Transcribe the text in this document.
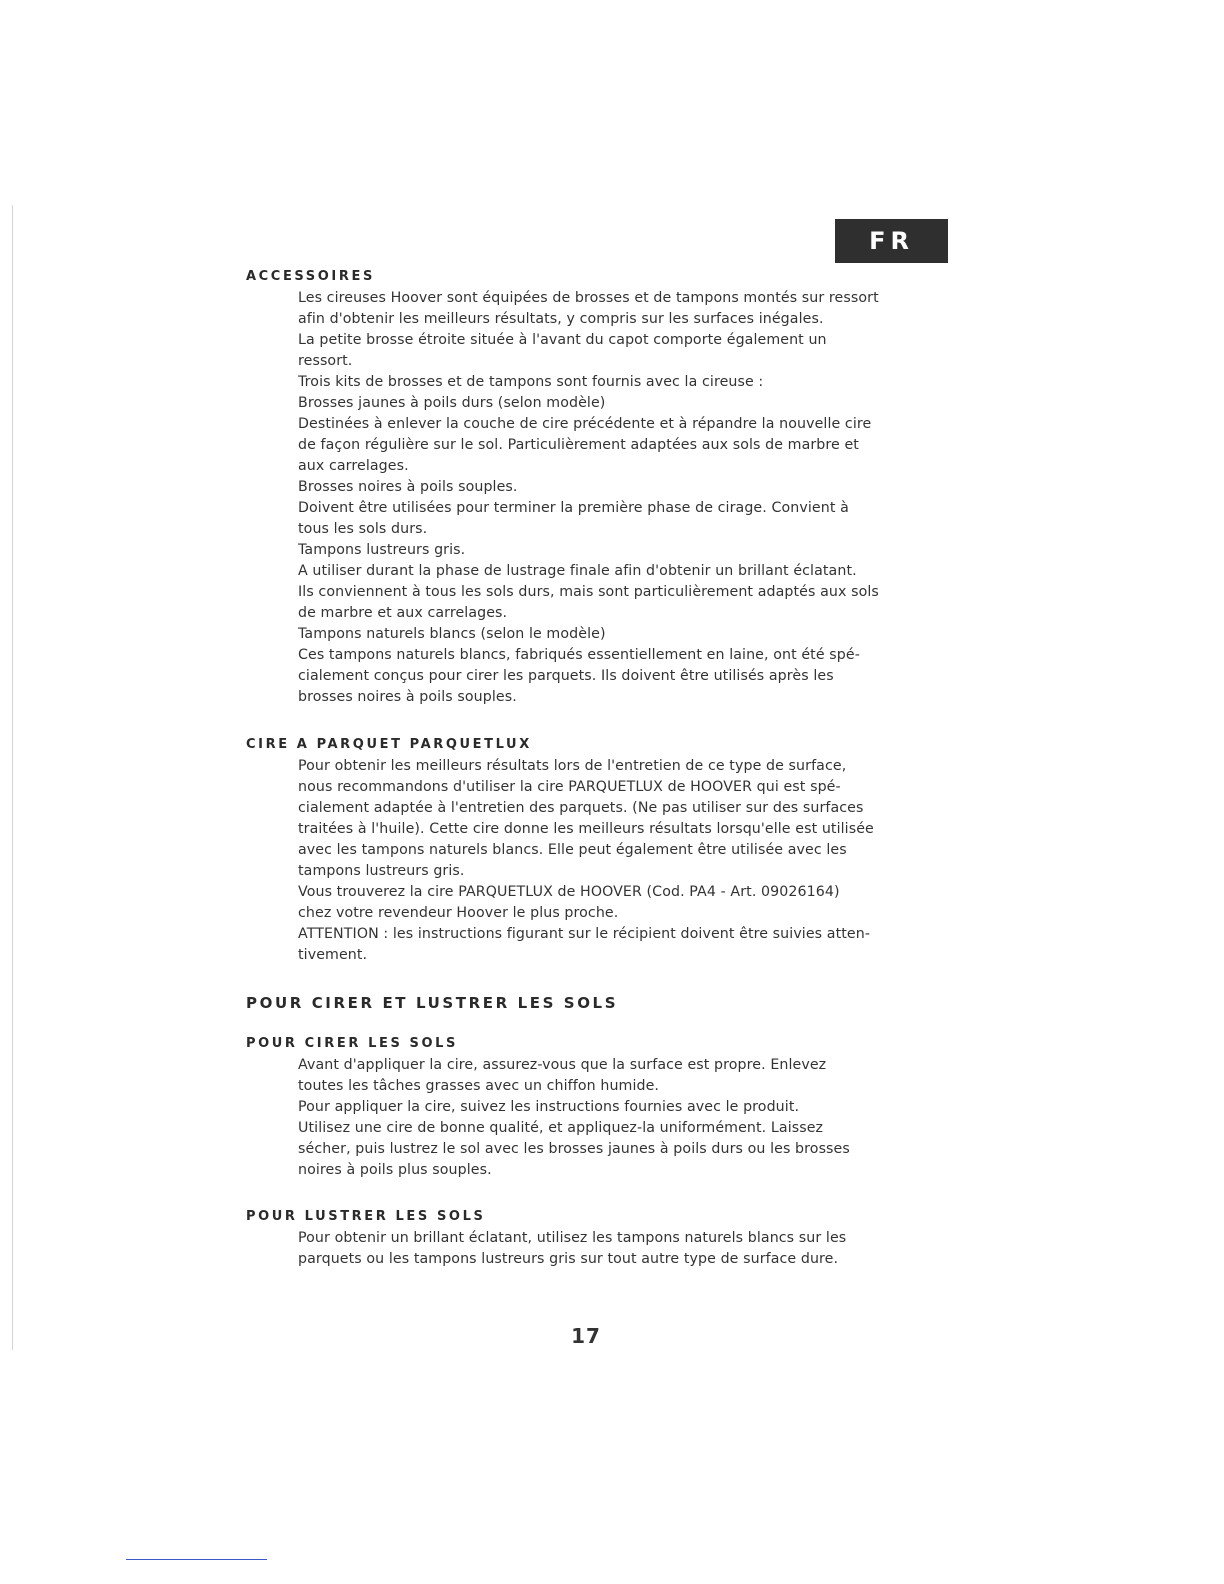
FR
ACCESSOIRES
Les cireuses Hoover sont équipées de brosses et de tampons montés sur ressort
afin d'obtenir les meilleurs résultats, y compris sur les surfaces inégales.
La petite brosse étroite située à l'avant du capot comporte également un
ressort.
Trois kits de brosses et de tampons sont fournis avec la cireuse :
Brosses jaunes à poils durs (selon modèle)
Destinées à enlever la couche de cire précédente et à répandre la nouvelle cire
de façon régulière sur le sol. Particulièrement adaptées aux sols de marbre et
aux carrelages.
Brosses noires à poils souples.
Doivent être utilisées pour terminer la première phase de cirage. Convient à
tous les sols durs.
Tampons lustreurs gris.
A utiliser durant la phase de lustrage finale afin d'obtenir un brillant éclatant.
Ils conviennent à tous les sols durs, mais sont particulièrement adaptés aux sols
de marbre et aux carrelages.
Tampons naturels blancs (selon le modèle)
Ces tampons naturels blancs, fabriqués essentiellement en laine, ont été spé-
cialement conçus pour cirer les parquets. Ils doivent être utilisés après les
brosses noires à poils souples.
CIRE A PARQUET PARQUETLUX
Pour obtenir les meilleurs résultats lors de l'entretien de ce type de surface,
nous recommandons d'utiliser la cire PARQUETLUX de HOOVER qui est spé-
cialement adaptée à l'entretien des parquets. (Ne pas utiliser sur des surfaces
traitées à l'huile). Cette cire donne les meilleurs résultats lorsqu'elle est utilisée
avec les tampons naturels blancs. Elle peut également être utilisée avec les
tampons lustreurs gris.
Vous trouverez la cire PARQUETLUX de HOOVER (Cod. PA4 - Art. 09026164)
chez votre revendeur Hoover le plus proche.
ATTENTION : les instructions figurant sur le récipient doivent être suivies atten-
tivement.
POUR CIRER ET LUSTRER LES SOLS
POUR CIRER LES SOLS
Avant d'appliquer la cire, assurez-vous que la surface est propre. Enlevez
toutes les tâches grasses avec un chiffon humide.
Pour appliquer la cire, suivez les instructions fournies avec le produit.
Utilisez une cire de bonne qualité, et appliquez-la uniformément. Laissez
sécher, puis lustrez le sol avec les brosses jaunes à poils durs ou les brosses
noires à poils plus souples.
POUR LUSTRER LES SOLS
Pour obtenir un brillant éclatant, utilisez les tampons naturels blancs sur les
parquets ou les tampons lustreurs gris sur tout autre type de surface dure.
17
